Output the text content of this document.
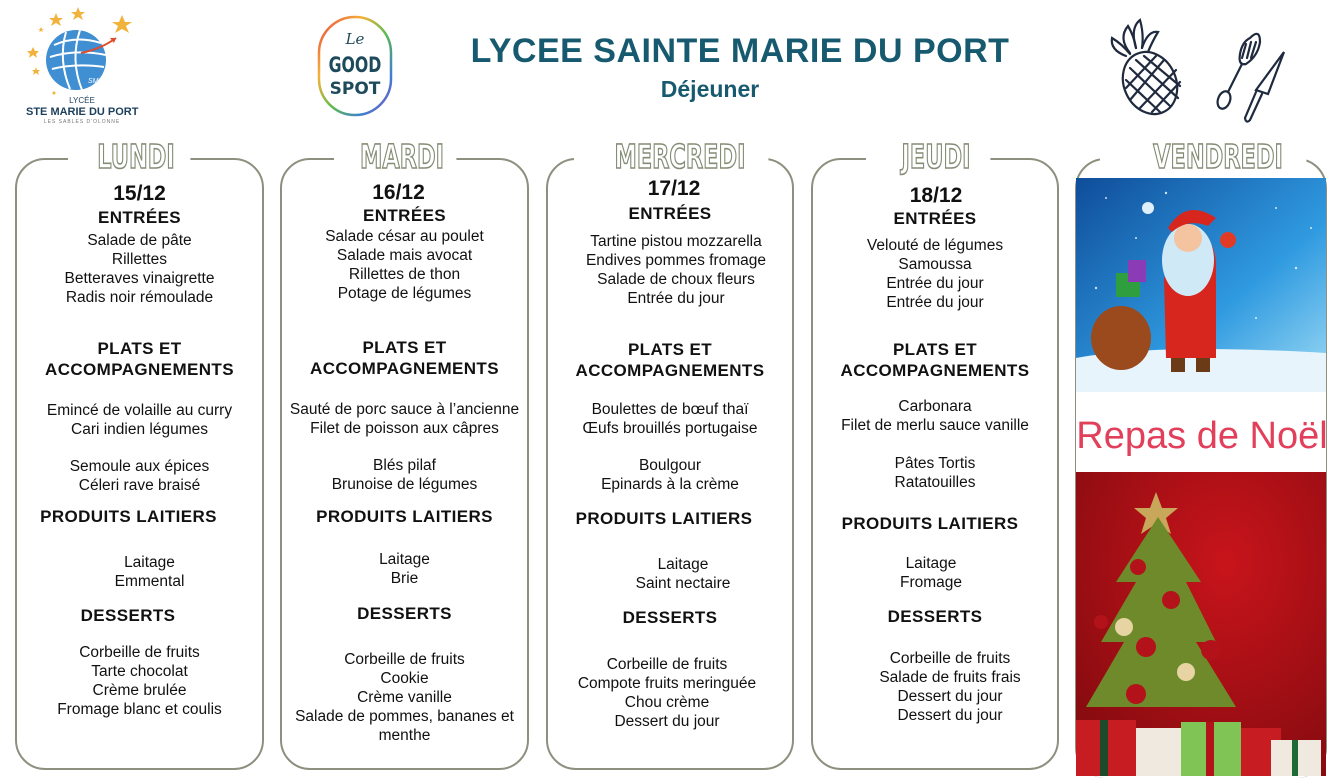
LYCEE SAINTE MARIE DU PORT
Déjeuner
SMP
LYCÉE
STE MARIE DU PORT
LES SABLES D'OLONNE
Le
GOOD
SPOT
LUNDI	MARDI	MERCREDI	JEUDI	VENDREDI
15/12
ENTRÉES
Salade de pâte
Rillettes
Betteraves vinaigrette
Radis noir rémoulade
PLATS ET
ACCOMPAGNEMENTS
Emincé de volaille au curry
Cari indien légumes
Semoule aux épices
Céleri rave braisé
PRODUITS LAITIERS
Laitage
Emmental
DESSERTS
Corbeille de fruits
Tarte chocolat
Crème brulée
Fromage blanc et coulis
16/12
ENTRÉES
Salade césar au poulet
Salade mais avocat
Rillettes de thon
Potage de légumes
PLATS ET
ACCOMPAGNEMENTS
Sauté de porc sauce à l’ancienne
Filet de poisson aux câpres
Blés pilaf
Brunoise de légumes
PRODUITS LAITIERS
Laitage
Brie
DESSERTS
Corbeille de fruits
Cookie
Crème vanille
Salade de pommes, bananes et
menthe
17/12
ENTRÉES
Tartine pistou mozzarella
Endives pommes fromage
Salade de choux fleurs
Entrée du jour
PLATS ET
ACCOMPAGNEMENTS
Boulettes de bœuf thaï
Œufs brouillés portugaise
Boulgour
Epinards à la crème
PRODUITS LAITIERS
Laitage
Saint nectaire
DESSERTS
Corbeille de fruits
Compote fruits meringuée
Chou crème
Dessert du jour
18/12
ENTRÉES
Velouté de légumes
Samoussa
Entrée du jour
Entrée du jour
PLATS ET
ACCOMPAGNEMENTS
Carbonara
Filet de merlu sauce vanille
Pâtes Tortis
Ratatouilles
PRODUITS LAITIERS
Laitage
Fromage
DESSERTS
Corbeille de fruits
Salade de fruits frais
Dessert du jour
Dessert du jour
Repas de Noël
